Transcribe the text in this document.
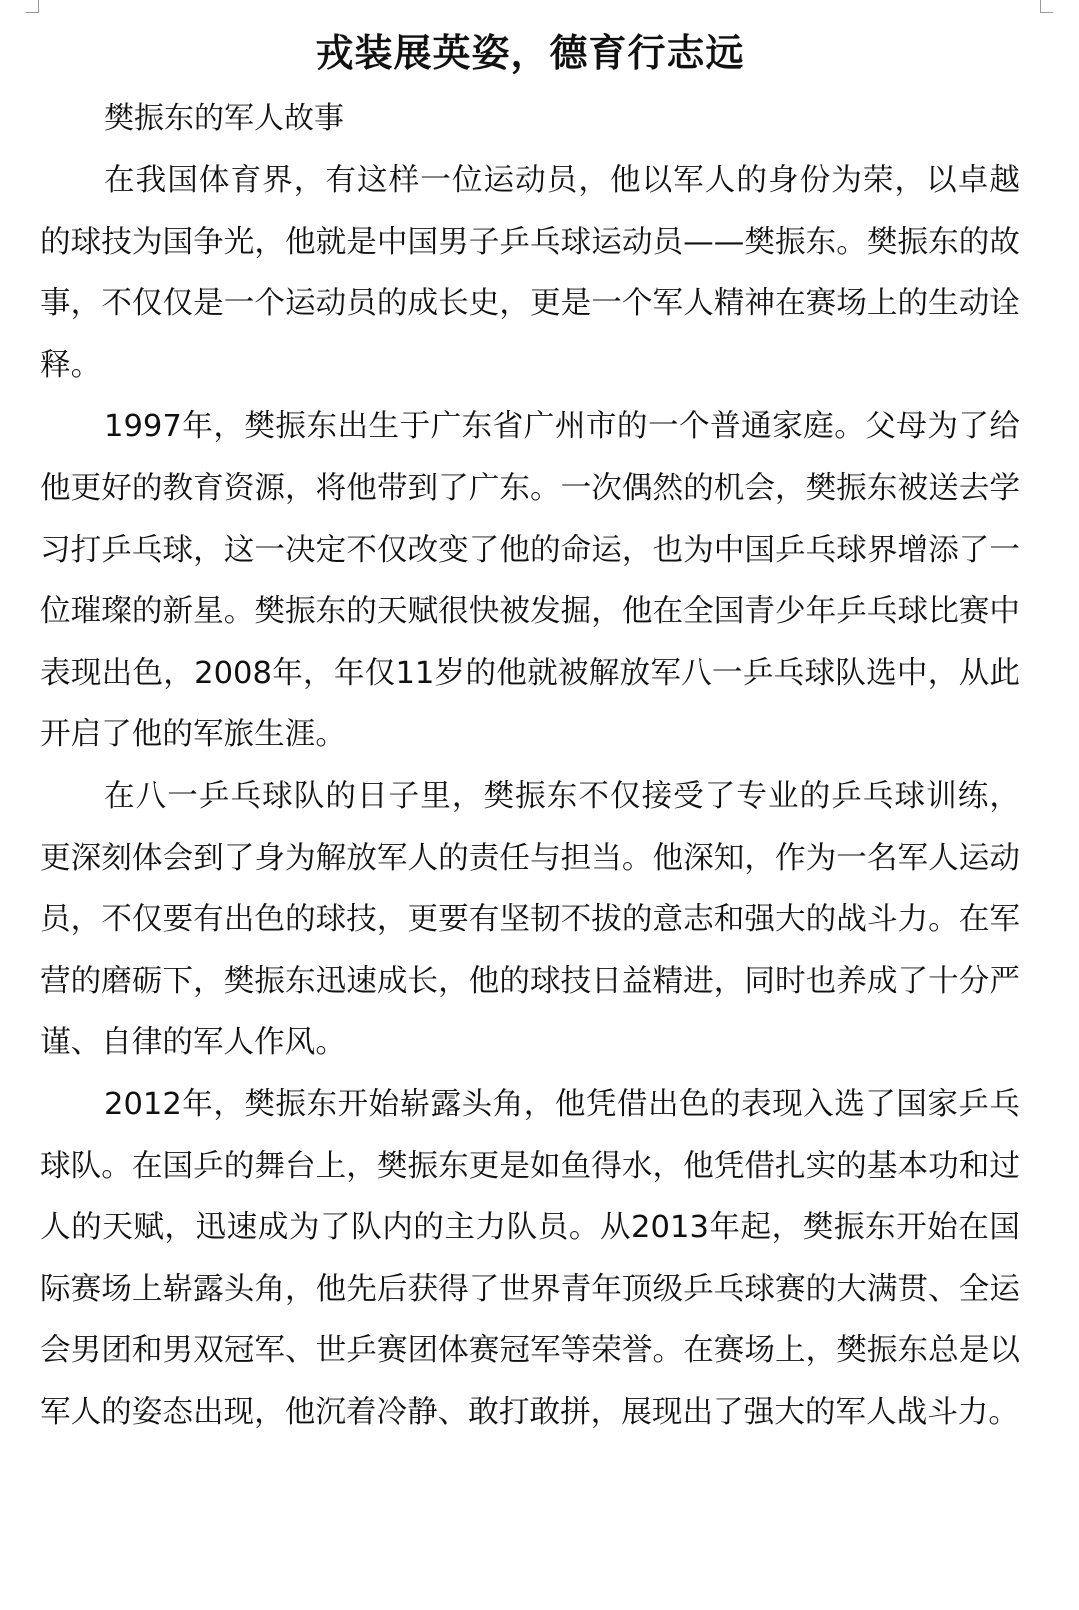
戎装展英姿，德育行志远

樊振东的军人故事

在我国体育界，有这样一位运动员，他以军人的身份为荣，以卓越的球技为国争光，他就是中国男子乒乓球运动员——樊振东。樊振东的故事，不仅仅是一个运动员的成长史，更是一个军人精神在赛场上的生动诠释。

1997年，樊振东出生于广东省广州市的一个普通家庭。父母为了给他更好的教育资源，将他带到了广东。一次偶然的机会，樊振东被送去学习打乒乓球，这一决定不仅改变了他的命运，也为中国乒乓球界增添了一位璀璨的新星。樊振东的天赋很快被发掘，他在全国青少年乒乓球比赛中表现出色，2008年，年仅11岁的他就被解放军八一乒乓球队选中，从此开启了他的军旅生涯。

在八一乒乓球队的日子里，樊振东不仅接受了专业的乒乓球训练，更深刻体会到了身为解放军人的责任与担当。他深知，作为一名军人运动员，不仅要有出色的球技，更要有坚韧不拔的意志和强大的战斗力。在军营的磨砺下，樊振东迅速成长，他的球技日益精进，同时也养成了十分严谨、自律的军人作风。

2012年，樊振东开始崭露头角，他凭借出色的表现入选了国家乒乓球队。在国乒的舞台上，樊振东更是如鱼得水，他凭借扎实的基本功和过人的天赋，迅速成为了队内的主力队员。从2013年起，樊振东开始在国际赛场上崭露头角，他先后获得了世界青年顶级乒乓球赛的大满贯、全运会男团和男双冠军、世乒赛团体赛冠军等荣誉。在赛场上，樊振东总是以军人的姿态出现，他沉着冷静、敢打敢拼，展现出了强大的军人战斗力。
